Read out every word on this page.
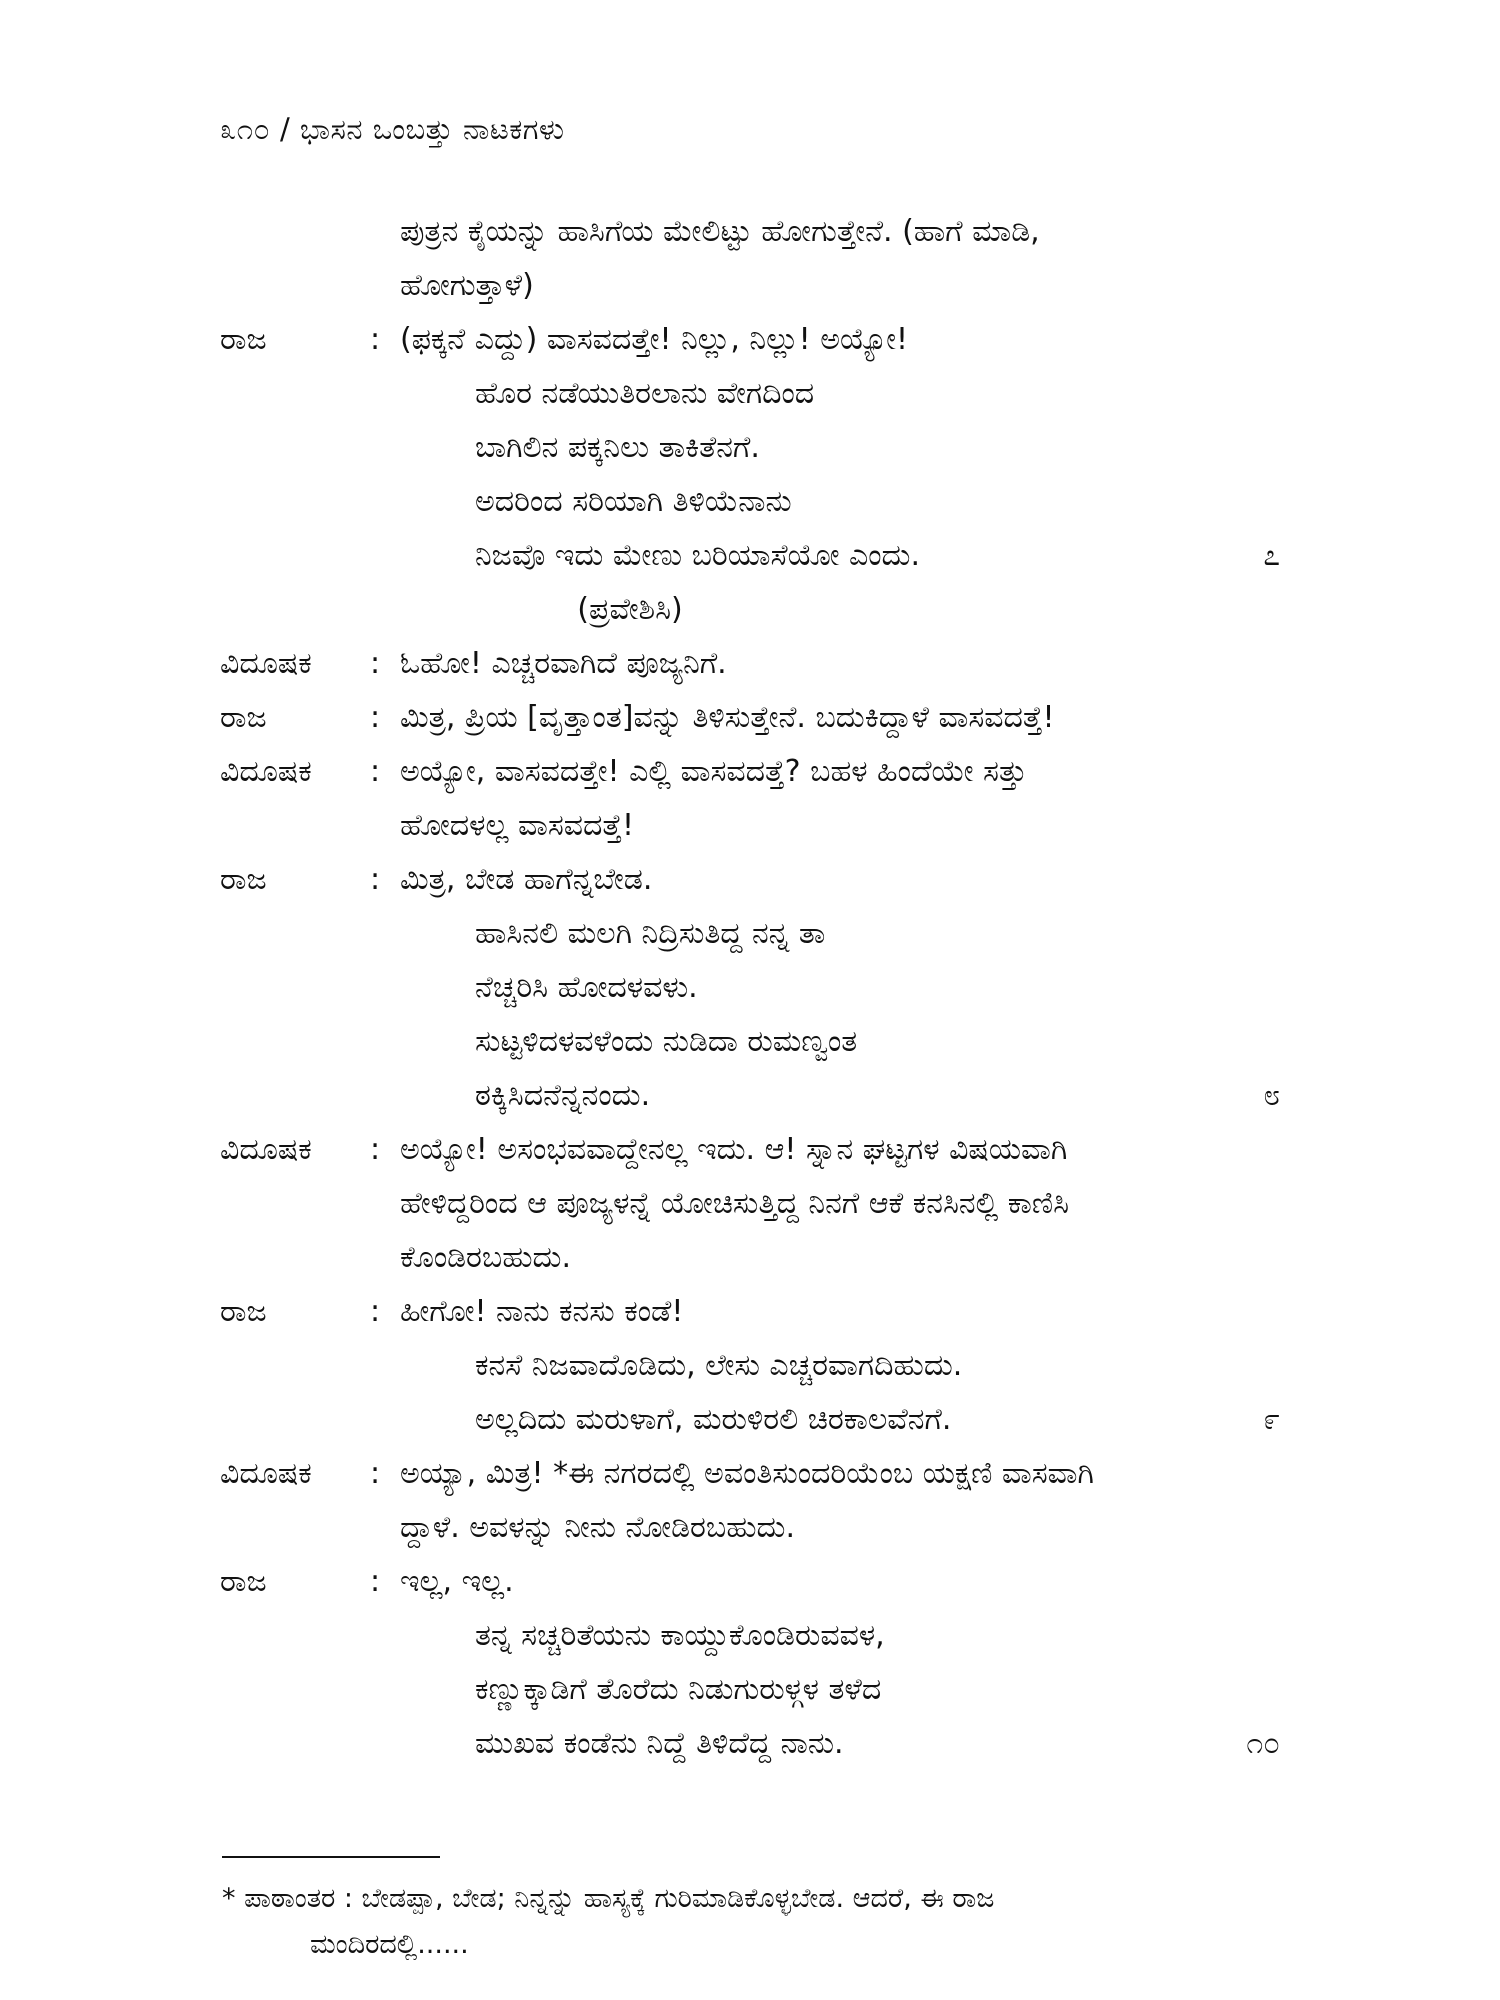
೩೧೦ / ಭಾಸನ ಒಂಬತ್ತು ನಾಟಕಗಳು
ಪುತ್ರನ ಕೈಯನ್ನು ಹಾಸಿಗೆಯ ಮೇಲಿಟ್ಟು ಹೋಗುತ್ತೇನೆ. (ಹಾಗೆ ಮಾಡಿ,
ಹೋಗುತ್ತಾಳೆ)
ರಾಜ	: (ಫಕ್ಕನೆ ಎದ್ದು) ವಾಸವದತ್ತೇ! ನಿಲ್ಲು, ನಿಲ್ಲು! ಅಯ್ಯೋ!
ಹೊರ ನಡೆಯುತಿರಲಾನು ವೇಗದಿಂದ
ಬಾಗಿಲಿನ ಪಕ್ಕನಿಲು ತಾಕಿತೆನಗೆ.
ಅದರಿಂದ ಸರಿಯಾಗಿ ತಿಳಿಯೆನಾನು
ನಿಜವೊ ಇದು ಮೇಣು ಬರಿಯಾಸೆಯೋ ಎಂದು.	೭
(ಪ್ರವೇಶಿಸಿ)
ವಿದೂಷಕ	: ಓಹೋ! ಎಚ್ಚರವಾಗಿದೆ ಪೂಜ್ಯನಿಗೆ.
ರಾಜ	: ಮಿತ್ರ, ಪ್ರಿಯ [ವೃತ್ತಾಂತ]ವನ್ನು ತಿಳಿಸುತ್ತೇನೆ. ಬದುಕಿದ್ದಾಳೆ ವಾಸವದತ್ತೆ!
ವಿದೂಷಕ	: ಅಯ್ಯೋ, ವಾಸವದತ್ತೇ! ಎಲ್ಲಿ ವಾಸವದತ್ತೆ? ಬಹಳ ಹಿಂದೆಯೇ ಸತ್ತು
ಹೋದಳಲ್ಲ ವಾಸವದತ್ತೆ!
ರಾಜ	: ಮಿತ್ರ, ಬೇಡ ಹಾಗೆನ್ನಬೇಡ.
ಹಾಸಿನಲಿ ಮಲಗಿ ನಿದ್ರಿಸುತಿದ್ದ ನನ್ನ ತಾ
ನೆಚ್ಚರಿಸಿ ಹೋದಳವಳು.
ಸುಟ್ಟಳಿದಳವಳೆಂದು ನುಡಿದಾ ರುಮಣ್ವಂತ
ಠಕ್ಕಿಸಿದನೆನ್ನನಂದು.	೮
ವಿದೂಷಕ	: ಅಯ್ಯೋ! ಅಸಂಭವವಾದ್ದೇನಲ್ಲ ಇದು. ಆ! ಸ್ನಾನ ಘಟ್ಟಗಳ ವಿಷಯವಾಗಿ
ಹೇಳಿದ್ದರಿಂದ ಆ ಪೂಜ್ಯಳನ್ನೆ ಯೋಚಿಸುತ್ತಿದ್ದ ನಿನಗೆ ಆಕೆ ಕನಸಿನಲ್ಲಿ ಕಾಣಿಸಿ
ಕೊಂಡಿರಬಹುದು.
ರಾಜ	: ಹೀಗೋ! ನಾನು ಕನಸು ಕಂಡೆ!
ಕನಸೆ ನಿಜವಾದೊಡಿದು, ಲೇಸು ಎಚ್ಚರವಾಗದಿಹುದು.
ಅಲ್ಲದಿದು ಮರುಳಾಗೆ, ಮರುಳಿರಲಿ ಚಿರಕಾಲವೆನಗೆ.	೯
ವಿದೂಷಕ	: ಅಯ್ಯಾ, ಮಿತ್ರ! *ಈ ನಗರದಲ್ಲಿ ಅವಂತಿಸುಂದರಿಯೆಂಬ ಯಕ್ಷಣಿ ವಾಸವಾಗಿ
ದ್ದಾಳೆ. ಅವಳನ್ನು ನೀನು ನೋಡಿರಬಹುದು.
ರಾಜ	: ಇಲ್ಲ, ಇಲ್ಲ.
ತನ್ನ ಸಚ್ಚರಿತೆಯನು ಕಾಯ್ದುಕೊಂಡಿರುವವಳ,
ಕಣ್ಣುಕ್ಕಾಡಿಗೆ ತೊರೆದು ನಿಡುಗುರುಳ್ಗಳ ತಳೆದ
ಮುಖವ ಕಂಡೆನು ನಿದ್ದೆ ತಿಳಿದೆದ್ದ ನಾನು.	೧೦
* ಪಾಠಾಂತರ : ಬೇಡಪ್ಪಾ, ಬೇಡ; ನಿನ್ನನ್ನು ಹಾಸ್ಯಕ್ಕೆ ಗುರಿಮಾಡಿಕೊಳ್ಳಬೇಡ. ಆದರೆ, ಈ ರಾಜ
ಮಂದಿರದಲ್ಲಿ......
